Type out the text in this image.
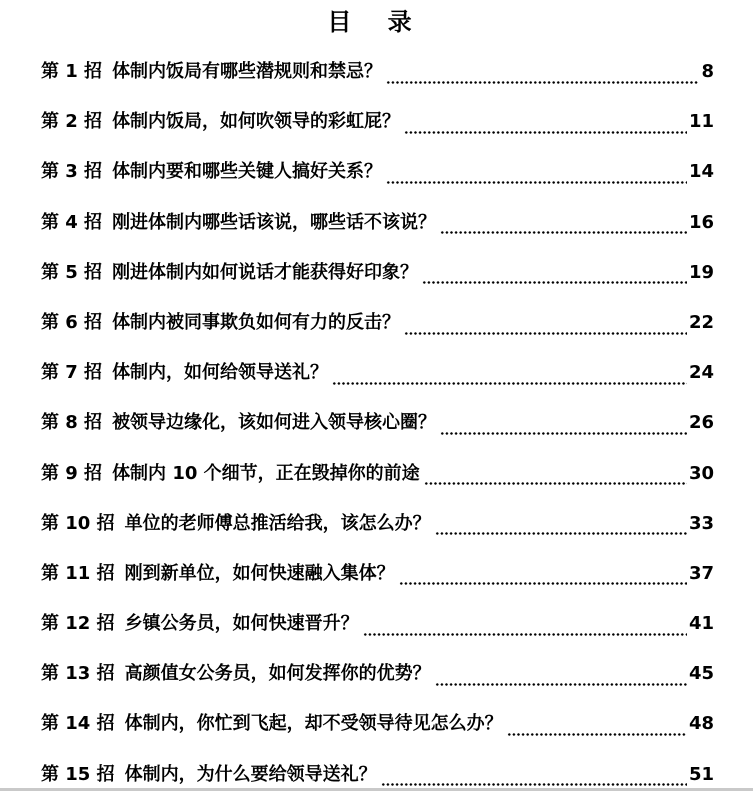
目 录
第 1 招 体制内饭局有哪些潜规则和禁忌？	8
第 2 招 体制内饭局，如何吹领导的彩虹屁？	11
第 3 招 体制内要和哪些关键人搞好关系？	14
第 4 招 刚进体制内哪些话该说，哪些话不该说？	16
第 5 招 刚进体制内如何说话才能获得好印象？	19
第 6 招 体制内被同事欺负如何有力的反击？	22
第 7 招 体制内，如何给领导送礼？	24
第 8 招 被领导边缘化，该如何进入领导核心圈？	26
第 9 招 体制内 10 个细节，正在毁掉你的前途	30
第 10 招 单位的老师傅总推活给我，该怎么办？	33
第 11 招 刚到新单位，如何快速融入集体？	37
第 12 招 乡镇公务员，如何快速晋升？	41
第 13 招 高颜值女公务员，如何发挥你的优势？	45
第 14 招 体制内，你忙到飞起，却不受领导待见怎么办？	48
第 15 招 体制内，为什么要给领导送礼？	51
